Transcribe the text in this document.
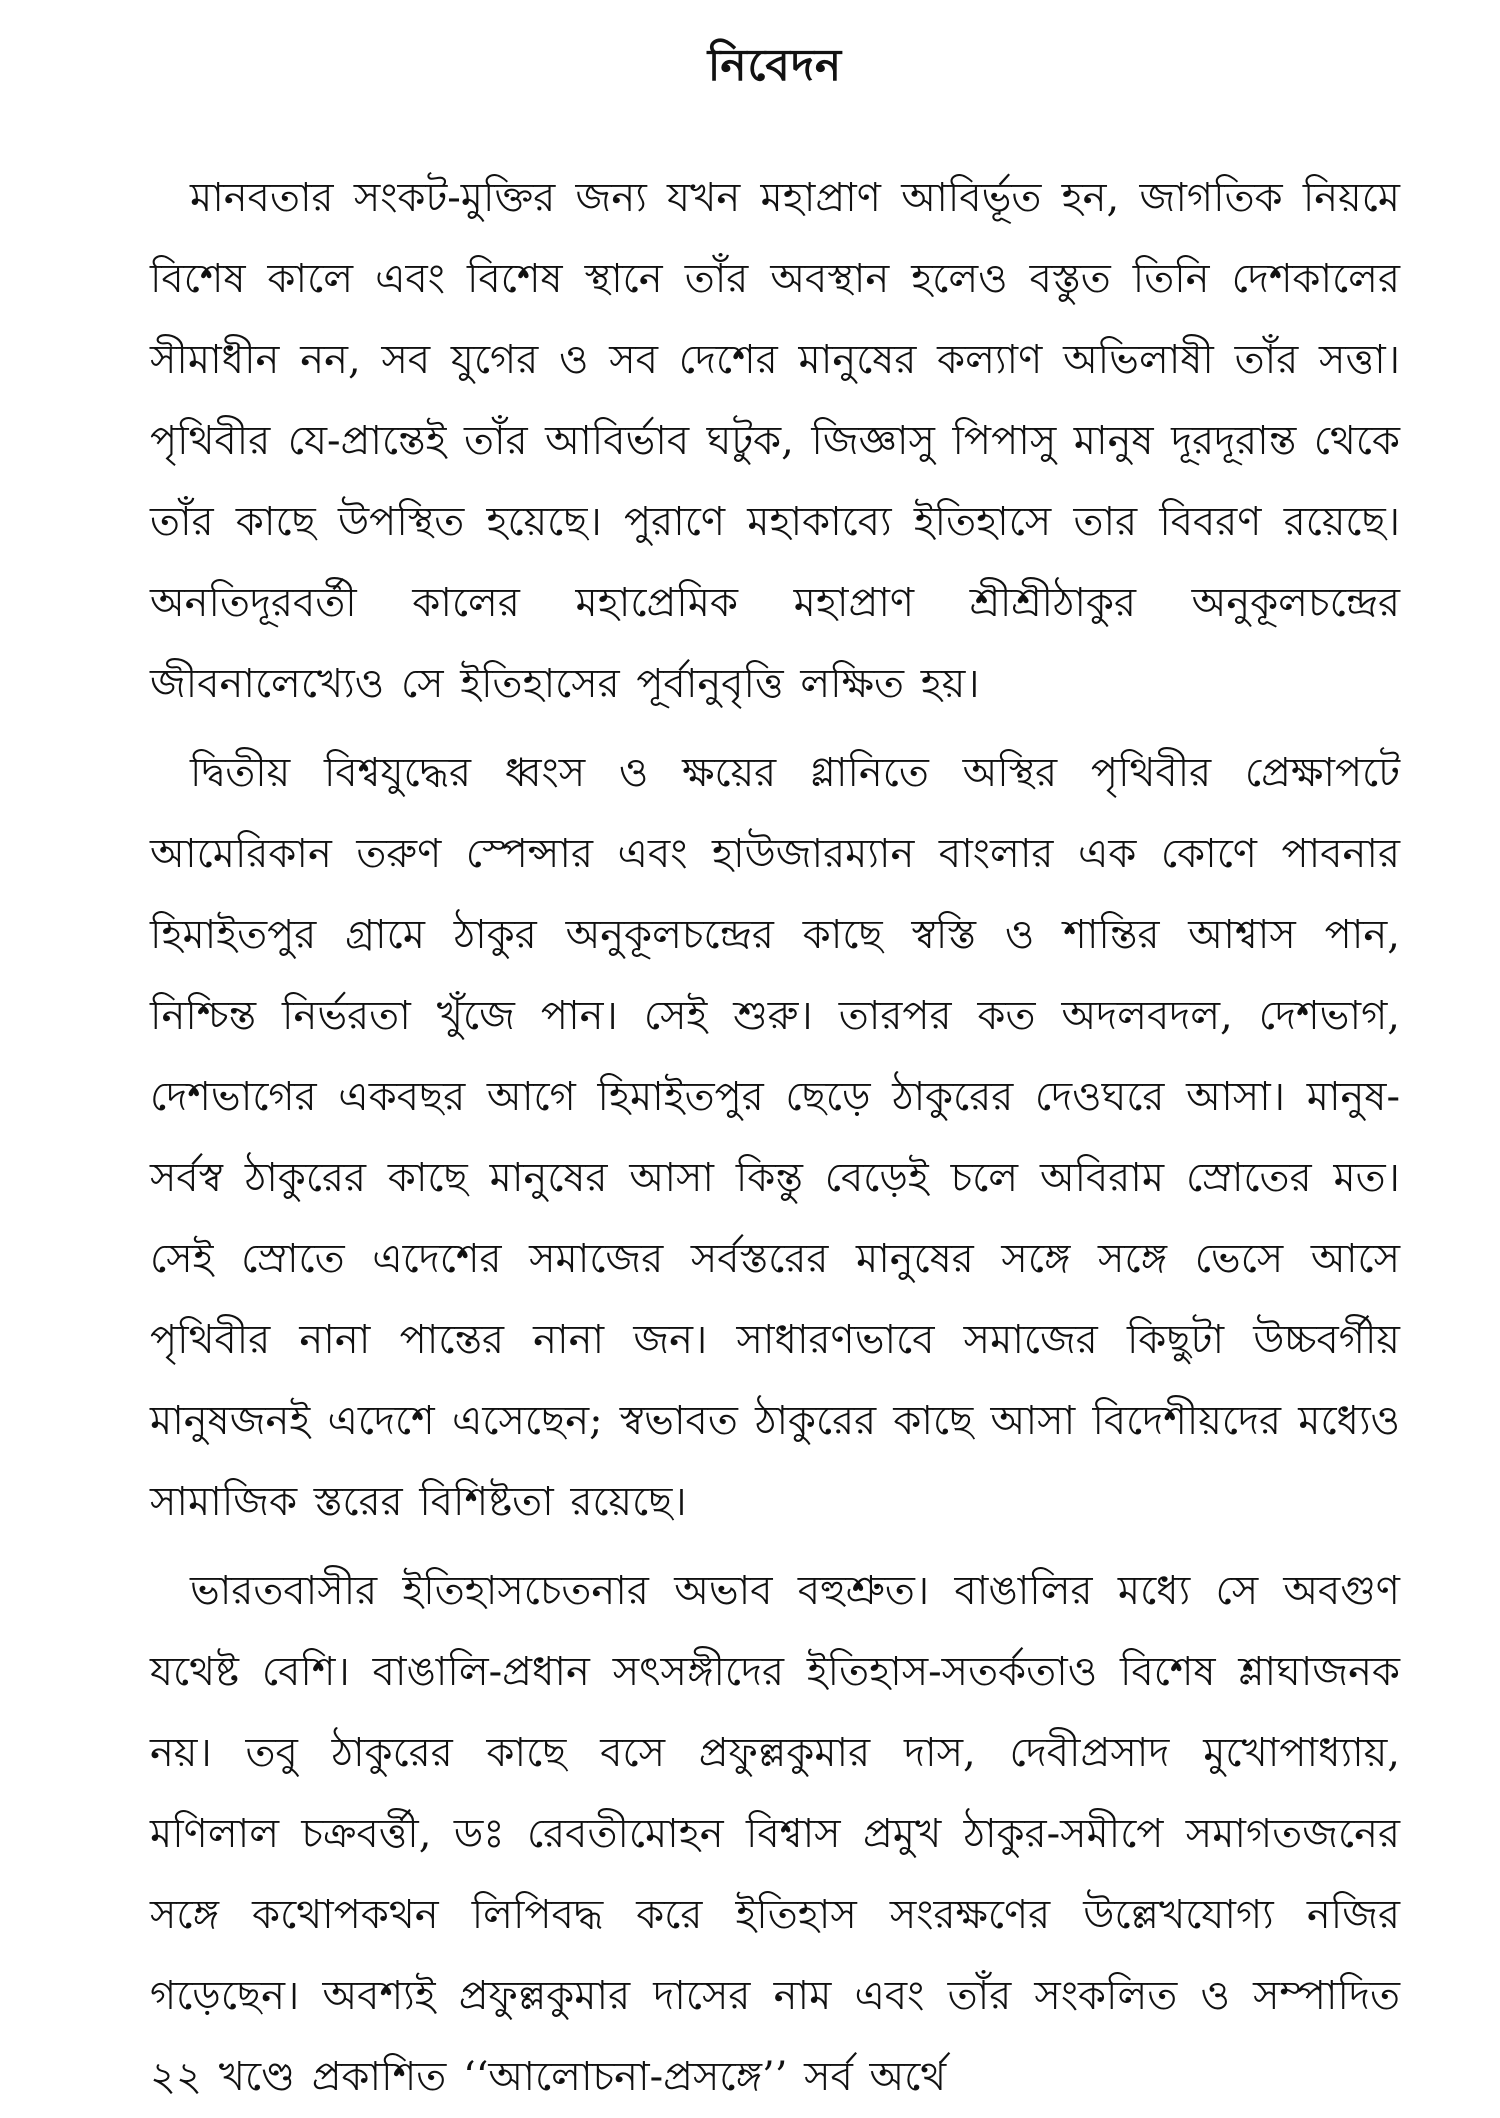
নিবেদন

মানবতার সংকট-মুক্তির জন্য যখন মহাপ্রাণ আবির্ভূত হন, জাগতিক নিয়মে বিশেষ কালে এবং বিশেষ স্থানে তাঁর অবস্থান হলেও বস্তুত তিনি দেশকালের সীমাধীন নন, সব যুগের ও সব দেশের মানুষের কল্যাণ অভিলাষী তাঁর সত্তা। পৃথিবীর যে-প্রান্তেই তাঁর আবির্ভাব ঘটুক, জিজ্ঞাসু পিপাসু মানুষ দূরদূরান্ত থেকে তাঁর কাছে উপস্থিত হয়েছে। পুরাণে মহাকাব্যে ইতিহাসে তার বিবরণ রয়েছে। অনতিদূরবর্তী কালের মহাপ্রেমিক মহাপ্রাণ শ্রীশ্রীঠাকুর অনুকূলচন্দ্রের জীবনালেখ্যেও সে ইতিহাসের পূর্বানুবৃত্তি লক্ষিত হয়।

দ্বিতীয় বিশ্বযুদ্ধের ধ্বংস ও ক্ষয়ের গ্লানিতে অস্থির পৃথিবীর প্রেক্ষাপটে আমেরিকান তরুণ স্পেন্সার এবং হাউজারম্যান বাংলার এক কোণে পাবনার হিমাইতপুর গ্রামে ঠাকুর অনুকূলচন্দ্রের কাছে স্বস্তি ও শান্তির আশ্বাস পান, নিশ্চিন্ত নির্ভরতা খুঁজে পান। সেই শুরু। তারপর কত অদলবদল, দেশভাগ, দেশভাগের একবছর আগে হিমাইতপুর ছেড়ে ঠাকুরের দেওঘরে আসা। মানুষ-সর্বস্ব ঠাকুরের কাছে মানুষের আসা কিন্তু বেড়েই চলে অবিরাম স্রোতের মত। সেই স্রোতে এদেশের সমাজের সর্বস্তরের মানুষের সঙ্গে সঙ্গে ভেসে আসে পৃথিবীর নানা পান্তের নানা জন। সাধারণভাবে সমাজের কিছুটা উচ্চবর্গীয় মানুষজনই এদেশে এসেছেন; স্বভাবত ঠাকুরের কাছে আসা বিদেশীয়দের মধ্যেও সামাজিক স্তরের বিশিষ্টতা রয়েছে।

ভারতবাসীর ইতিহাসচেতনার অভাব বহুশ্রুত। বাঙালির মধ্যে সে অবগুণ যথেষ্ট বেশি। বাঙালি-প্রধান সৎসঙ্গীদের ইতিহাস-সতর্কতাও বিশেষ শ্লাঘাজনক নয়। তবু ঠাকুরের কাছে বসে প্রফুল্লকুমার দাস, দেবীপ্রসাদ মুখোপাধ্যায়, মণিলাল চক্রবর্ত্তী, ডঃ রেবতীমোহন বিশ্বাস প্রমুখ ঠাকুর-সমীপে সমাগতজনের সঙ্গে কথোপকথন লিপিবদ্ধ করে ইতিহাস সংরক্ষণের উল্লেখযোগ্য নজির গড়েছেন। অবশ্যই প্রফুল্লকুমার দাসের নাম এবং তাঁর সংকলিত ও সম্পাদিত ২২ খণ্ডে প্রকাশিত ‘‘আলোচনা-প্রসঙ্গে’’ সর্ব অর্থে
